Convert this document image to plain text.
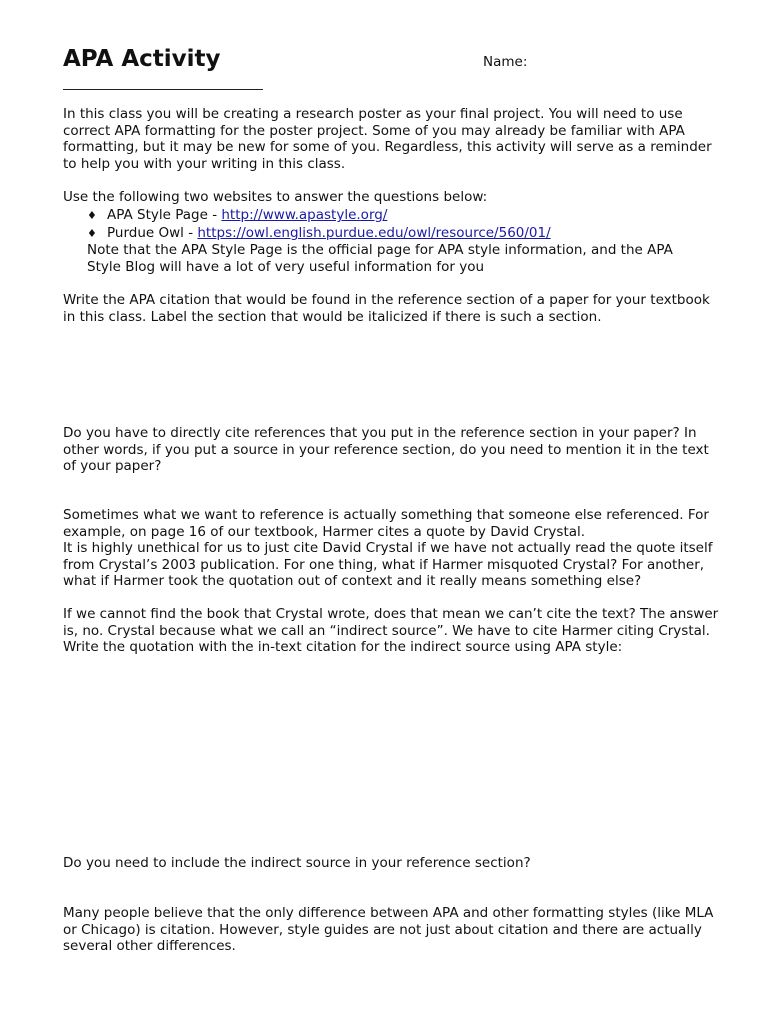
APA Activity	Name:

In this class you will be creating a research poster as your final project. You will need to use correct APA formatting for the poster project. Some of you may already be familiar with APA formatting, but it may be new for some of you. Regardless, this activity will serve as a reminder to help you with your writing in this class.

Use the following two websites to answer the questions below:

♦ APA Style Page - http://www.apastyle.org/
♦ Purdue Owl - https://owl.english.purdue.edu/owl/resource/560/01/

Note that the APA Style Page is the official page for APA style information, and the APA Style Blog will have a lot of very useful information for you

Write the APA citation that would be found in the reference section of a paper for your textbook in this class. Label the section that would be italicized if there is such a section.

Do you have to directly cite references that you put in the reference section in your paper? In other words, if you put a source in your reference section, do you need to mention it in the text of your paper?

Sometimes what we want to reference is actually something that someone else referenced. For example, on page 16 of our textbook, Harmer cites a quote by David Crystal.

It is highly unethical for us to just cite David Crystal if we have not actually read the quote itself from Crystal’s 2003 publication. For one thing, what if Harmer misquoted Crystal? For another, what if Harmer took the quotation out of context and it really means something else?

If we cannot find the book that Crystal wrote, does that mean we can’t cite the text? The answer is, no. Crystal because what we call an “indirect source”. We have to cite Harmer citing Crystal. Write the quotation with the in-text citation for the indirect source using APA style:

Do you need to include the indirect source in your reference section?

Many people believe that the only difference between APA and other formatting styles (like MLA or Chicago) is citation. However, style guides are not just about citation and there are actually several other differences.
